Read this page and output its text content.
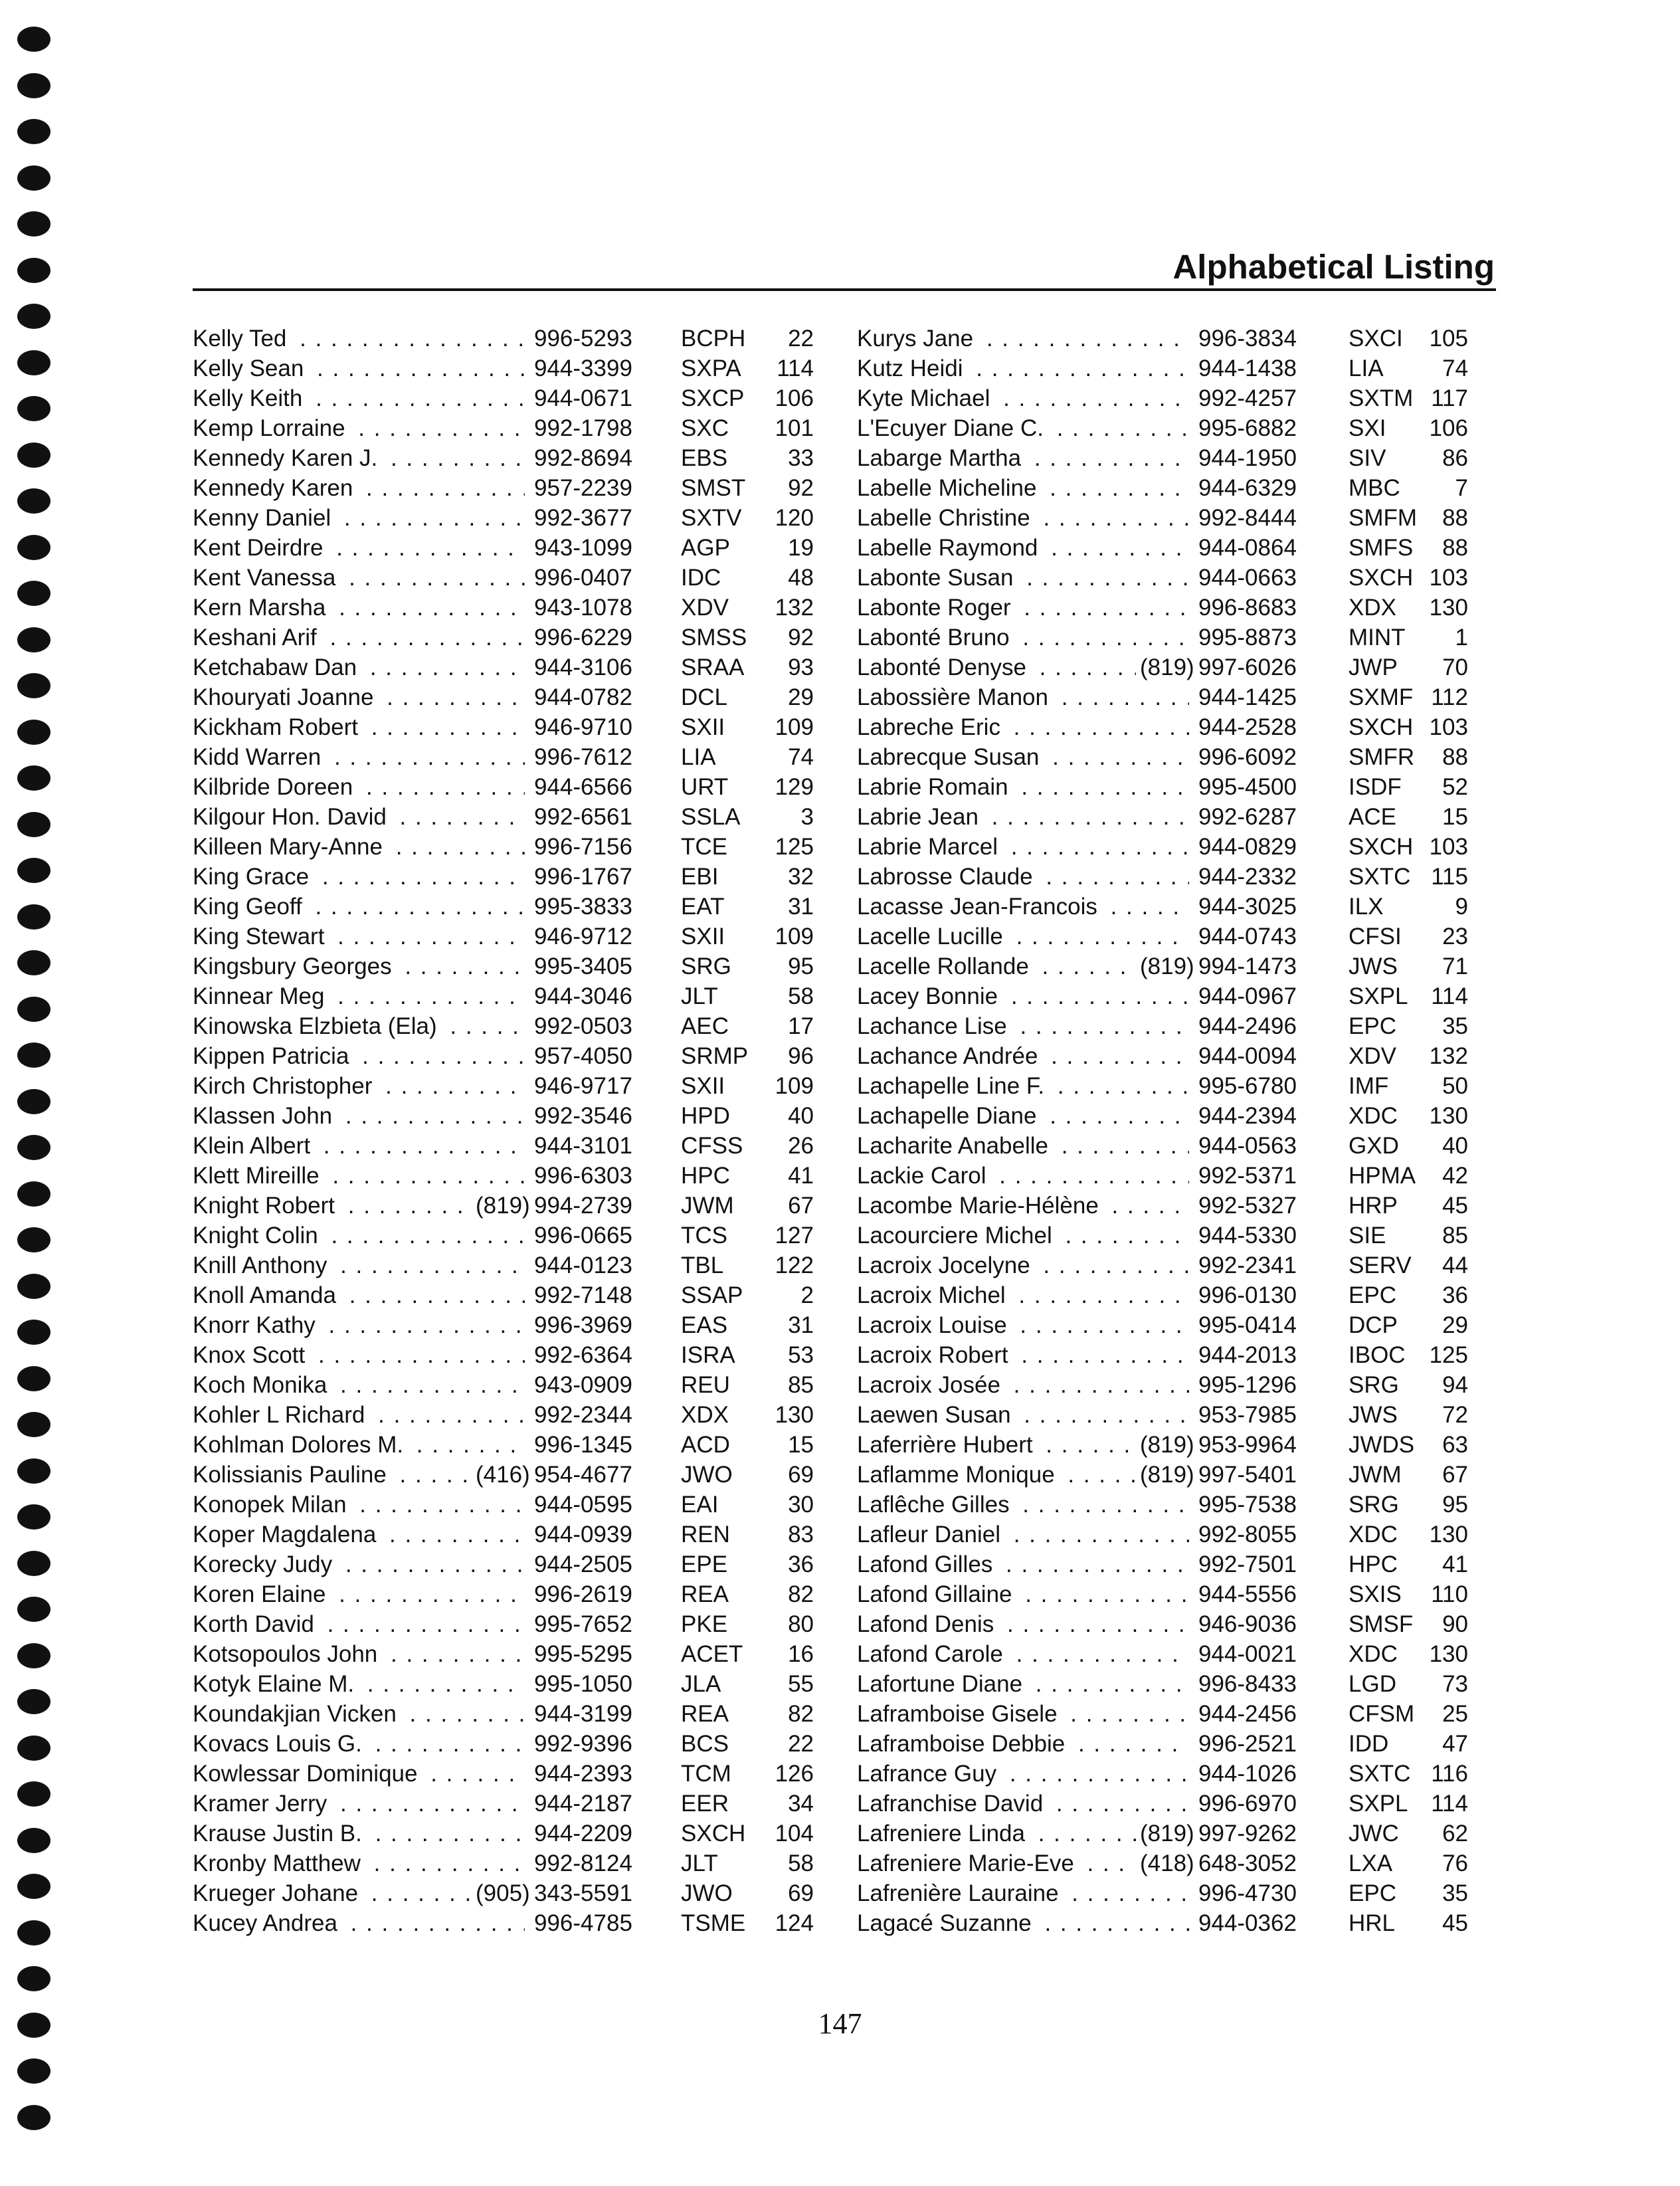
Alphabetical Listing
Kelly Ted . . .	996-5293	BCPH	22
Kelly Sean . . .	944-3399	SXPA	114
Kelly Keith . . .	944-0671	SXCP	106
Kemp Lorraine . . .	992-1798	SXC	101
Kennedy Karen J. . . .	992-8694	EBS	33
Kennedy Karen . . .	957-2239	SMST	92
Kenny Daniel . . .	992-3677	SXTV	120
Kent Deirdre . . .	943-1099	AGP	19
Kent Vanessa . . .	996-0407	IDC	48
Kern Marsha . . .	943-1078	XDV	132
Keshani Arif . . .	996-6229	SMSS	92
Ketchabaw Dan . . .	944-3106	SRAA	93
Khouryati Joanne . . .	944-0782	DCL	29
Kickham Robert . . .	946-9710	SXII	109
Kidd Warren . . .	996-7612	LIA	74
Kilbride Doreen . . .	944-6566	URT	129
Kilgour Hon. David . . .	992-6561	SSLA	3
Killeen Mary-Anne . . .	996-7156	TCE	125
King Grace . . .	996-1767	EBI	32
King Geoff . . .	995-3833	EAT	31
King Stewart . . .	946-9712	SXII	109
Kingsbury Georges . . .	995-3405	SRG	95
Kinnear Meg . . .	944-3046	JLT	58
Kinowska Elzbieta (Ela) . . .	992-0503	AEC	17
Kippen Patricia . . .	957-4050	SRMP	96
Kirch Christopher . . .	946-9717	SXII	109
Klassen John . . .	992-3546	HPD	40
Klein Albert . . .	944-3101	CFSS	26
Klett Mireille . . .	996-6303	HPC	41
Knight Robert . . .	(819) 994-2739	JWM	67
Knight Colin . . .	996-0665	TCS	127
Knill Anthony . . .	944-0123	TBL	122
Knoll Amanda . . .	992-7148	SSAP	2
Knorr Kathy . . .	996-3969	EAS	31
Knox Scott . . .	992-6364	ISRA	53
Koch Monika . . .	943-0909	REU	85
Kohler L Richard . . .	992-2344	XDX	130
Kohlman Dolores M. . . .	996-1345	ACD	15
Kolissianis Pauline . . .	(416) 954-4677	JWO	69
Konopek Milan . . .	944-0595	EAI	30
Koper Magdalena . . .	944-0939	REN	83
Korecky Judy . . .	944-2505	EPE	36
Koren Elaine . . .	996-2619	REA	82
Korth David . . .	995-7652	PKE	80
Kotsopoulos John . . .	995-5295	ACET	16
Kotyk Elaine M. . . .	995-1050	JLA	55
Koundakjian Vicken . . .	944-3199	REA	82
Kovacs Louis G. . . .	992-9396	BCS	22
Kowlessar Dominique . . .	944-2393	TCM	126
Kramer Jerry . . .	944-2187	EER	34
Krause Justin B. . . .	944-2209	SXCH	104
Kronby Matthew . . .	992-8124	JLT	58
Krueger Johane . . .	(905) 343-5591	JWO	69
Kucey Andrea . . .	996-4785	TSME	124
Kurys Jane . . .	996-3834	SXCI	105
Kutz Heidi . . .	944-1438	LIA	74
Kyte Michael . . .	992-4257	SXTM 117
L'Ecuyer Diane C. . . .	995-6882	SXI	106
Labarge Martha . . .	944-1950	SIV	86
Labelle Micheline . . .	944-6329	MBC	7
Labelle Christine . . .	992-8444	SMFM	88
Labelle Raymond . . .	944-0864	SMFS	88
Labonte Susan . . .	944-0663	SXCH 103
Labonte Roger . . .	996-8683	XDX	130
Labonté Bruno . . .	995-8873	MINT	1
Labonté Denyse . . .	(819) 997-6026	JWP	70
Labossière Manon . . .	944-1425	SXMF 112
Labreche Eric . . .	944-2528	SXCH 103
Labrecque Susan . . .	996-6092	SMFR	88
Labrie Romain . . .	995-4500	ISDF	52
Labrie Jean . . .	992-6287	ACE	15
Labrie Marcel . . .	944-0829	SXCH 103
Labrosse Claude . . .	944-2332	SXTC 115
Lacasse Jean-Francois . . .	944-3025	ILX	9
Lacelle Lucille . . .	944-0743	CFSI	23
Lacelle Rollande . . .	(819) 994-1473	JWS	71
Lacey Bonnie . . .	944-0967	SXPL 114
Lachance Lise . . .	944-2496	EPC	35
Lachance Andrée . . .	944-0094	XDV	132
Lachapelle Line F. . . .	995-6780	IMF	50
Lachapelle Diane . . .	944-2394	XDC	130
Lacharite Anabelle . . .	944-0563	GXD	40
Lackie Carol . . .	992-5371	HPMA	42
Lacombe Marie-Hélène . . .	992-5327	HRP	45
Lacourciere Michel . . .	944-5330	SIE	85
Lacroix Jocelyne . . .	992-2341	SERV	44
Lacroix Michel . . .	996-0130	EPC	36
Lacroix Louise . . .	995-0414	DCP	29
Lacroix Robert . . .	944-2013	IBOC	125
Lacroix Josée . . .	995-1296	SRG	94
Laewen Susan . . .	953-7985	JWS	72
Laferrière Hubert . . .	(819) 953-9964	JWDS	63
Laflamme Monique . . .	(819) 997-5401	JWM	67
Laflêche Gilles . . .	995-7538	SRG	95
Lafleur Daniel . . .	992-8055	XDC	130
Lafond Gilles . . .	992-7501	HPC	41
Lafond Gillaine . . .	944-5556	SXIS	110
Lafond Denis . . .	946-9036	SMSF	90
Lafond Carole . . .	944-0021	XDC	130
Lafortune Diane . . .	996-8433	LGD	73
Laframboise Gisele . . .	944-2456	CFSM	25
Laframboise Debbie . . .	996-2521	IDD	47
Lafrance Guy . . .	944-1026	SXTC 116
Lafranchise David . . .	996-6970	SXPL 114
Lafreniere Linda . . .	(819) 997-9262	JWC	62
Lafreniere Marie-Eve . . .	(418) 648-3052	LXA	76
Lafrenière Lauraine . . .	996-4730	EPC	35
Lagacé Suzanne . . .	944-0362	HRL	45
147
